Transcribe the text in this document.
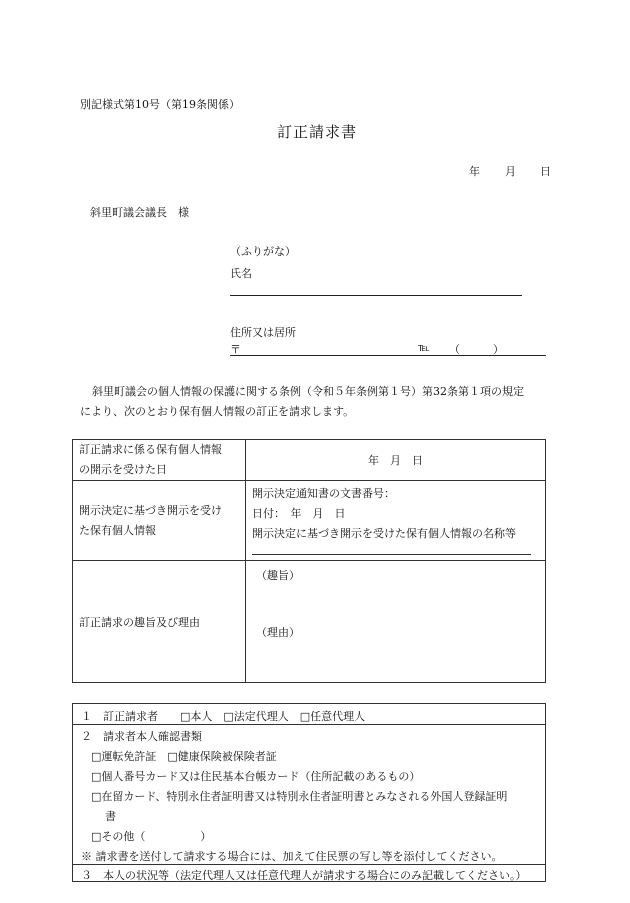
別記様式第10号（第19条関係）
訂正請求書
年 月 日
斜里町議会議長　様
（ふりがな）
氏名
住所又は居所
〒	℡ （　　　）
斜里町議会の個人情報の保護に関する条例（令和５年条例第１号）第32条第１項の規定
により、次のとおり保有個人情報の訂正を請求します。
訂正請求に係る保有個人情報
の開示を受けた日	年　月　日

開示決定に基づき開示を受け
た保有個人情報	開示決定通知書の文書番号：
日付：　年　月　日
開示決定に基づき開示を受けた保有個人情報の名称等

訂正請求の趣旨及び理由	（趣旨）
（理由）
１　訂正請求者　　□本人　□法定代理人　□任意代理人
２　請求者本人確認書類
□運転免許証　□健康保険被保険者証
□個人番号カード又は住民基本台帳カード（住所記載のあるもの）
□在留カード、特別永住者証明書又は特別永住者証明書とみなされる外国人登録証明
書
□その他（　　　　　）
※ 請求書を送付して請求する場合には、加えて住民票の写し等を添付してください。
３　本人の状況等（法定代理人又は任意代理人が請求する場合にのみ記載してください。）
